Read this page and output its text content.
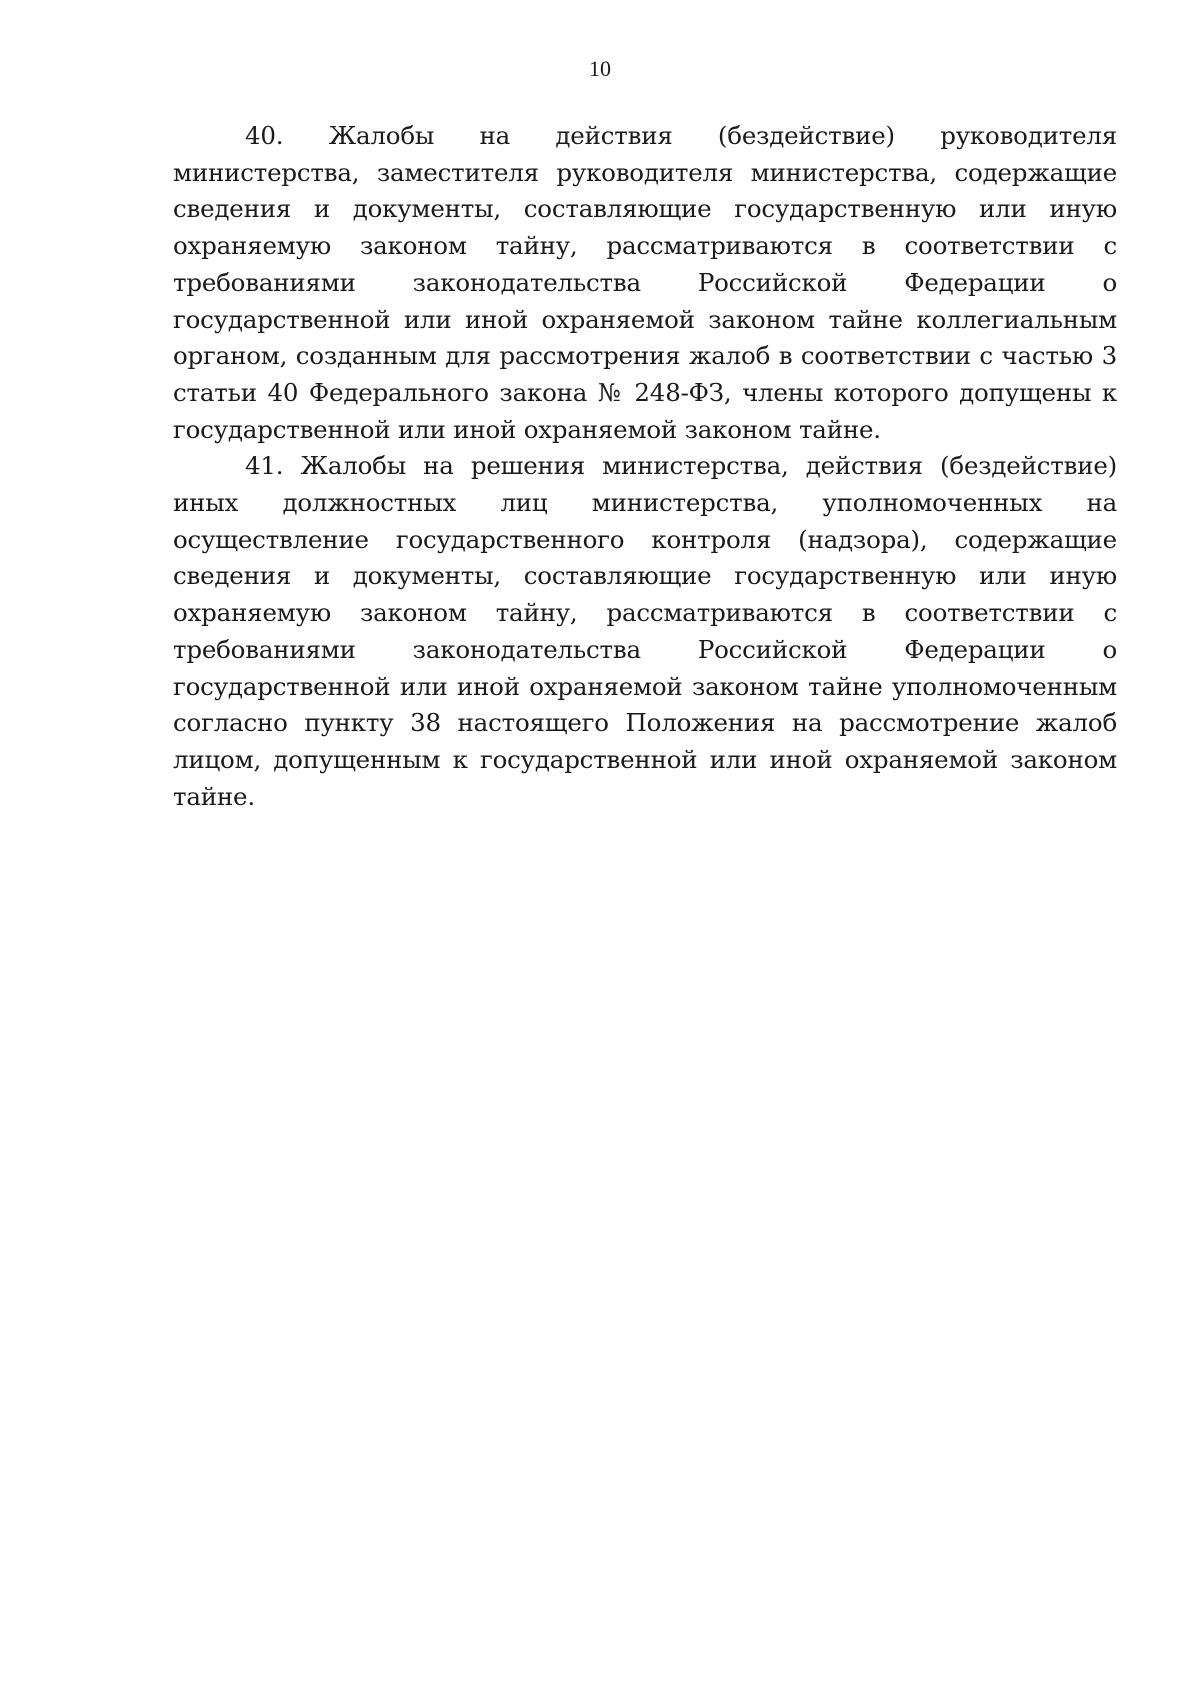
10

40. Жалобы на действия (бездействие) руководителя министерства, заместителя руководителя министерства, содержащие сведения и документы, составляющие государственную или иную охраняемую законом тайну, рассматриваются в соответствии с требованиями законодательства Российской Федерации о государственной или иной охраняемой законом тайне коллегиальным органом, созданным для рассмотрения жалоб в соответствии с частью 3 статьи 40 Федерального закона № 248-ФЗ, члены которого допущены к государственной или иной охраняемой законом тайне.

41. Жалобы на решения министерства, действия (бездействие) иных должностных лиц министерства, уполномоченных на осуществление государственного контроля (надзора), содержащие сведения и документы, составляющие государственную или иную охраняемую законом тайну, рассматриваются в соответствии с требованиями законодательства Российской Федерации о государственной или иной охраняемой законом тайне уполномоченным согласно пункту 38 настоящего Положения на рассмотрение жалоб лицом, допущенным к государственной или иной охраняемой законом тайне.
